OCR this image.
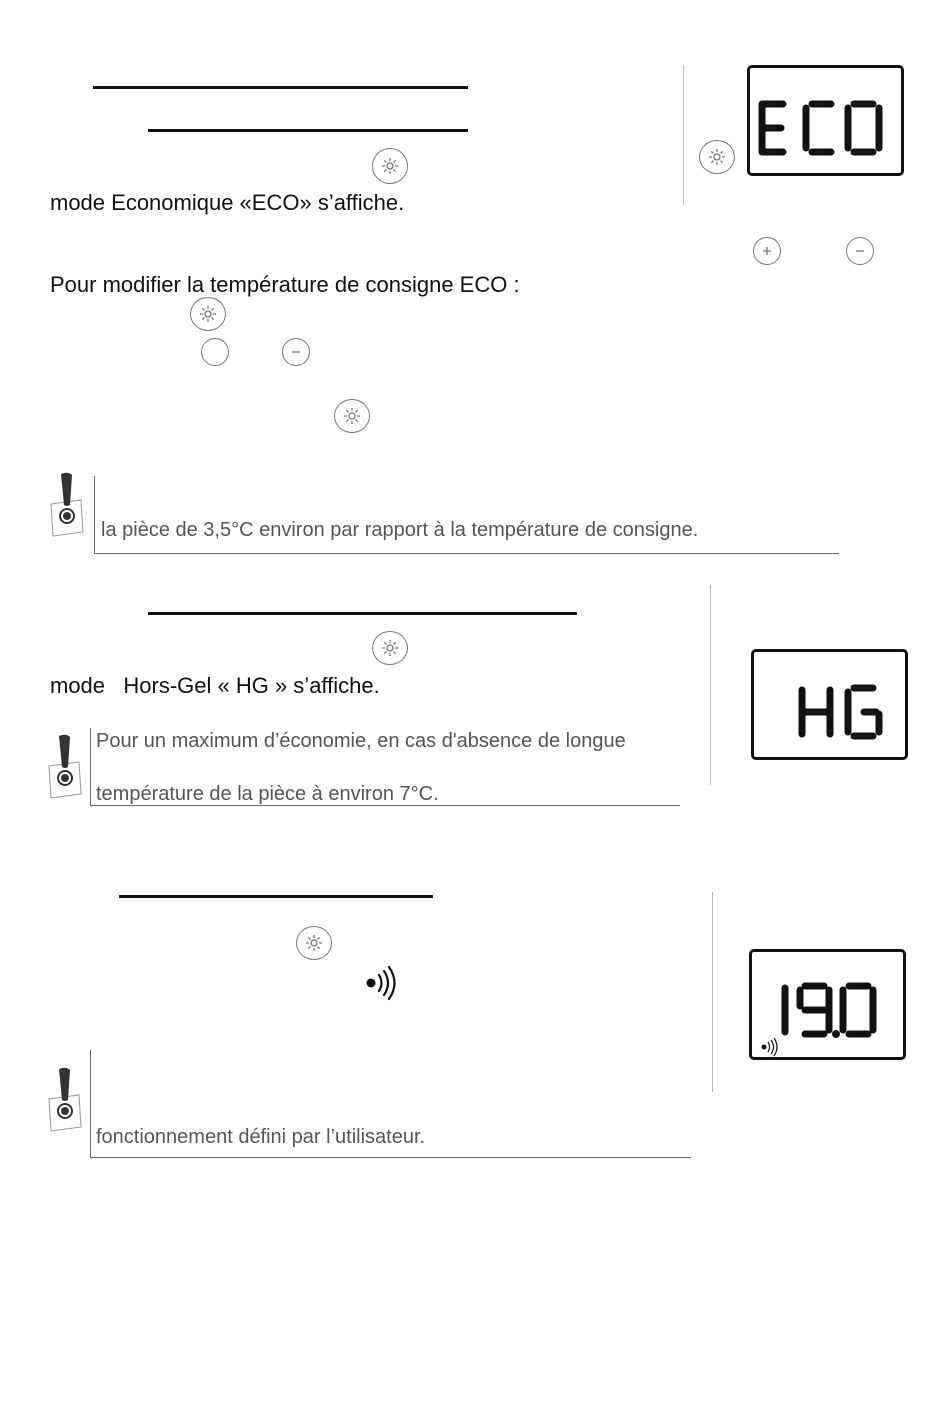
mode Economique «ECO» s’affiche.
Pour modifier la température de consigne ECO :
la pièce de 3,5°C environ par rapport à la température de consigne.
mode   Hors-Gel « HG » s’affiche.
Pour un maximum d’économie, en cas d'absence de longue
température de la pièce à environ 7°C.
fonctionnement défini par l’utilisateur.
